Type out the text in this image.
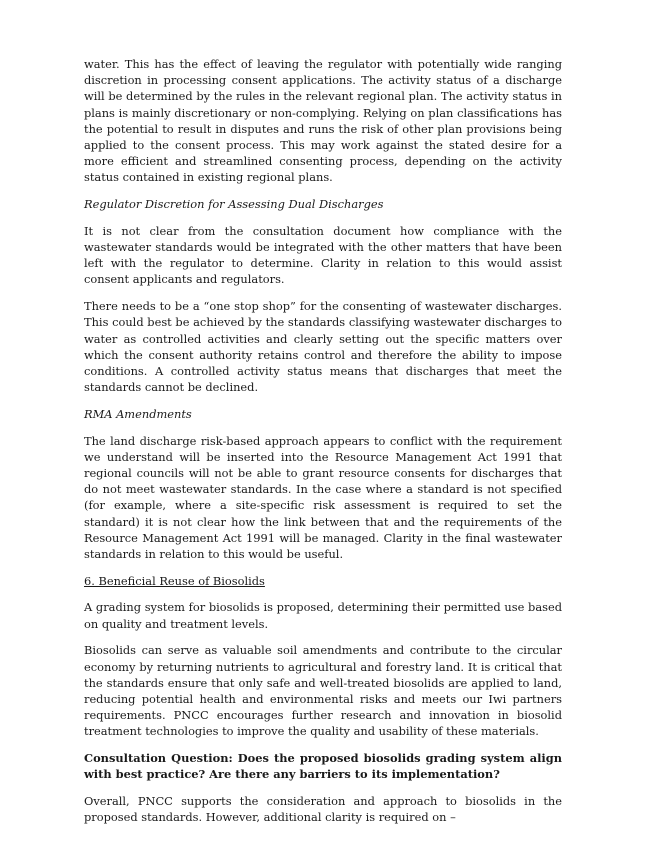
water. This has the effect of leaving the regulator with potentially wide ranging discretion in processing consent applications. The activity status of a discharge will be determined by the rules in the relevant regional plan. The activity status in plans is mainly discretionary or non-complying. Relying on plan classifications has the potential to result in disputes and runs the risk of other plan provisions being applied to the consent process. This may work against the stated desire for a more efficient and streamlined consenting process, depending on the activity status contained in existing regional plans.

Regulator Discretion for Assessing Dual Discharges

It is not clear from the consultation document how compliance with the wastewater standards would be integrated with the other matters that have been left with the regulator to determine. Clarity in relation to this would assist consent applicants and regulators.

There needs to be a “one stop shop” for the consenting of wastewater discharges. This could best be achieved by the standards classifying wastewater discharges to water as controlled activities and clearly setting out the specific matters over which the consent authority retains control and therefore the ability to impose conditions. A controlled activity status means that discharges that meet the standards cannot be declined.

RMA Amendments

The land discharge risk-based approach appears to conflict with the requirement we understand will be inserted into the Resource Management Act 1991 that regional councils will not be able to grant resource consents for discharges that do not meet wastewater standards. In the case where a standard is not specified (for example, where a site-specific risk assessment is required to set the standard) it is not clear how the link between that and the requirements of the Resource Management Act 1991 will be managed. Clarity in the final wastewater standards in relation to this would be useful.

6. Beneficial Reuse of Biosolids

A grading system for biosolids is proposed, determining their permitted use based on quality and treatment levels.

Biosolids can serve as valuable soil amendments and contribute to the circular economy by returning nutrients to agricultural and forestry land. It is critical that the standards ensure that only safe and well-treated biosolids are applied to land, reducing potential health and environmental risks and meets our Iwi partners requirements. PNCC encourages further research and innovation in biosolid treatment technologies to improve the quality and usability of these materials.

Consultation Question: Does the proposed biosolids grading system align with best practice? Are there any barriers to its implementation?

Overall, PNCC supports the consideration and approach to biosolids in the proposed standards. However, additional clarity is required on –
